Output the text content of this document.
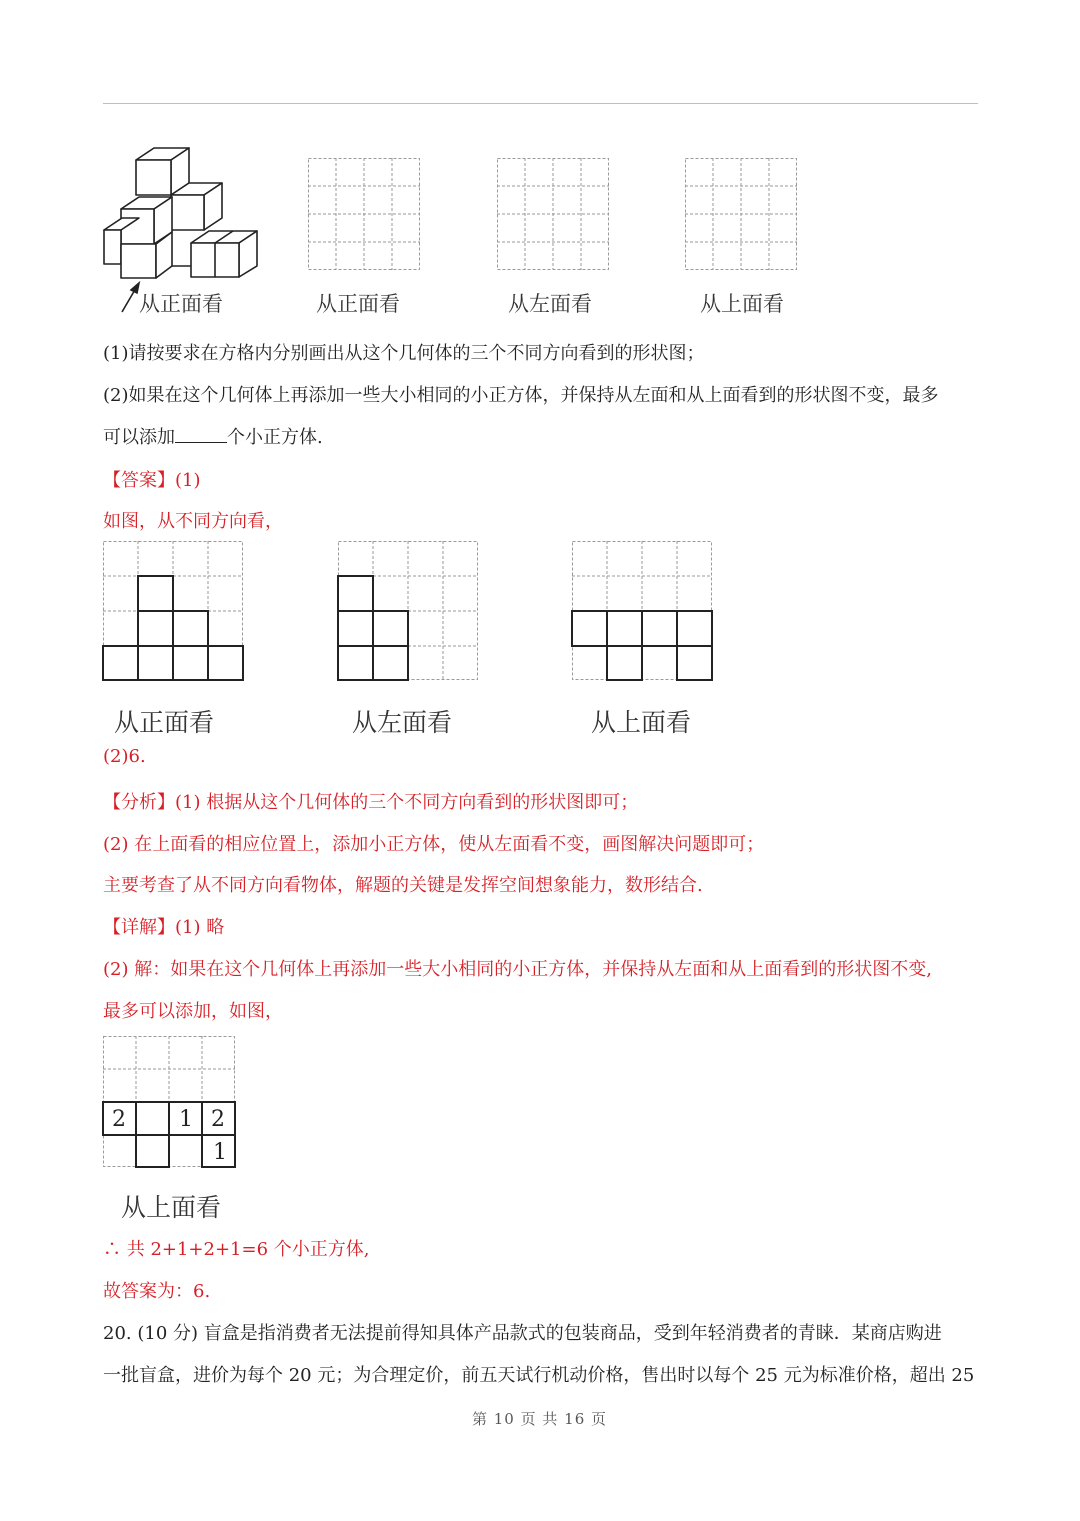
从正面看	从正面看	从左面看	从上面看
(1)请按要求在方格内分别画出从这个几何体的三个不同方向看到的形状图；
(2)如果在这个几何体上再添加一些大小相同的小正方体，并保持从左面和从上面看到的形状图不变，最多
可以添加	个小正方体.
【答案】(1)
如图，从不同方向看，
从正面看	从左面看	从上面看
(2)6.
【分析】(1) 根据从这个几何体的三个不同方向看到的形状图即可；
(2) 在上面看的相应位置上，添加小正方体，使从左面看不变，画图解决问题即可；
主要考查了从不同方向看物体，解题的关键是发挥空间想象能力，数形结合.
【详解】(1) 略
(2) 解：如果在这个几何体上再添加一些大小相同的小正方体，并保持从左面和从上面看到的形状图不变,
最多可以添加，如图，
2 1 2
1
从上面看
∴ 共 2+1+2+1=6 个小正方体,
故答案为：6.
20. (10 分) 盲盒是指消费者无法提前得知具体产品款式的包装商品，受到年轻消费者的青睐．某商店购进
一批盲盒，进价为每个 20 元；为合理定价，前五天试行机动价格，售出时以每个 25 元为标准价格，超出 25
第 10 页 共 16 页
